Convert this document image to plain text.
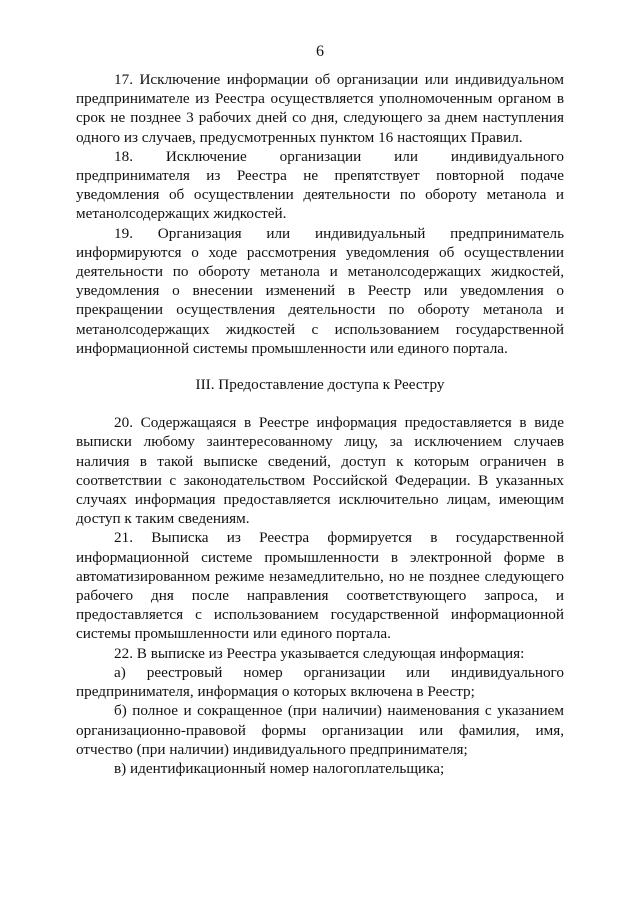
6

17. Исключение информации об организации или индивидуальном предпринимателе из Реестра осуществляется уполномоченным органом в срок не позднее 3 рабочих дней со дня, следующего за днем наступления одного из случаев, предусмотренных пунктом 16 настоящих Правил.

18. Исключение организации или индивидуального предпринимателя из Реестра не препятствует повторной подаче уведомления об осуществлении деятельности по обороту метанола и метанолсодержащих жидкостей.

19. Организация или индивидуальный предприниматель информируются о ходе рассмотрения уведомления об осуществлении деятельности по обороту метанола и метанолсодержащих жидкостей, уведомления о внесении изменений в Реестр или уведомления о прекращении осуществления деятельности по обороту метанола и метанолсодержащих жидкостей с использованием государственной информационной системы промышленности или единого портала.

III. Предоставление доступа к Реестру

20. Содержащаяся в Реестре информация предоставляется в виде выписки любому заинтересованному лицу, за исключением случаев наличия в такой выписке сведений, доступ к которым ограничен в соответствии с законодательством Российской Федерации. В указанных случаях информация предоставляется исключительно лицам, имеющим доступ к таким сведениям.

21. Выписка из Реестра формируется в государственной информационной системе промышленности в электронной форме в автоматизированном режиме незамедлительно, но не позднее следующего рабочего дня после направления соответствующего запроса, и предоставляется с использованием государственной информационной системы промышленности или единого портала.

22. В выписке из Реестра указывается следующая информация:

а) реестровый номер организации или индивидуального предпринимателя, информация о которых включена в Реестр;

б) полное и сокращенное (при наличии) наименования с указанием организационно-правовой формы организации или фамилия, имя, отчество (при наличии) индивидуального предпринимателя;

в) идентификационный номер налогоплательщика;
